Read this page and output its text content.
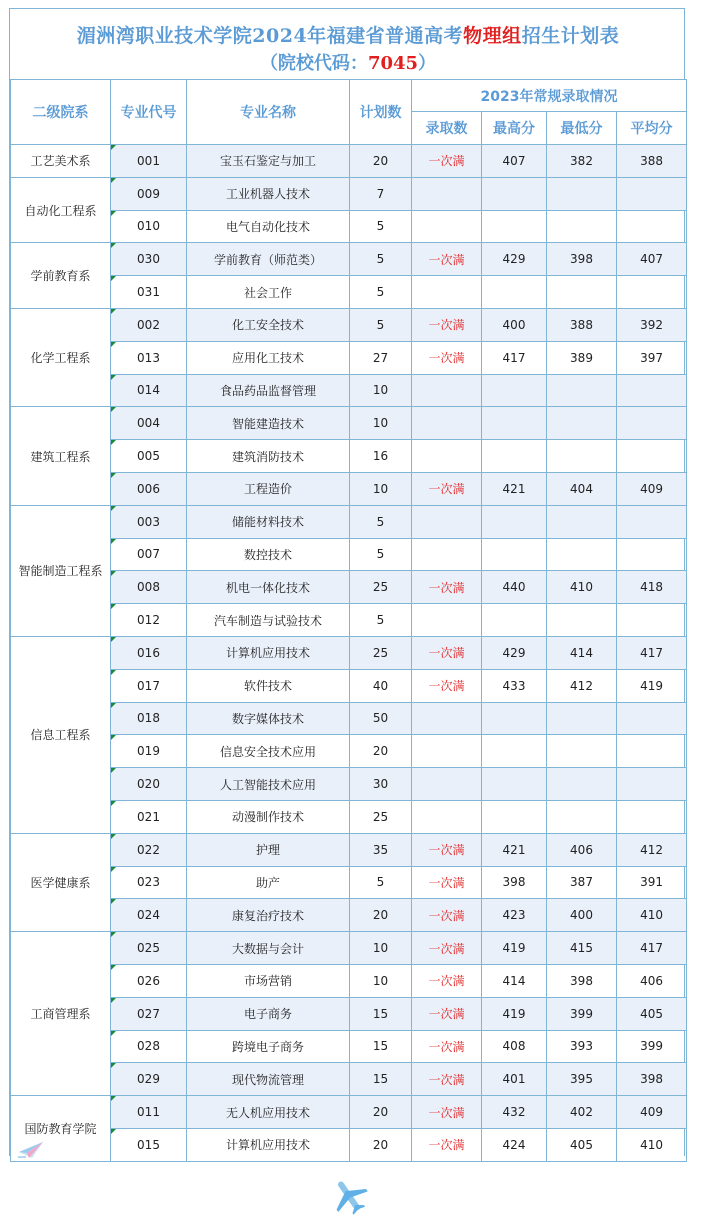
湄洲湾职业技术学院2024年福建省普通高考物理组招生计划表
（院校代码：7045）
二级院系	专业代号	专业名称	计划数	2023年常规录取情况			
				录取数	最高分	最低分	平均分
工艺美术系	001	宝玉石鉴定与加工	20	一次满	407	382	388
自动化工程系	009	工业机器人技术	7				
	010	电气自动化技术	5				
学前教育系	030	学前教育（师范类）	5	一次满	429	398	407
	031	社会工作	5				
化学工程系	002	化工安全技术	5	一次满	400	388	392
	013	应用化工技术	27	一次满	417	389	397
	014	食品药品监督管理	10				
建筑工程系	004	智能建造技术	10				
	005	建筑消防技术	16				
	006	工程造价	10	一次满	421	404	409
智能制造工程系	003	储能材料技术	5				
	007	数控技术	5				
	008	机电一体化技术	25	一次满	440	410	418
	012	汽车制造与试验技术	5				
信息工程系	016	计算机应用技术	25	一次满	429	414	417
	017	软件技术	40	一次满	433	412	419
	018	数字媒体技术	50				
	019	信息安全技术应用	20				
	020	人工智能技术应用	30				
	021	动漫制作技术	25				
医学健康系	022	护理	35	一次满	421	406	412
	023	助产	5	一次满	398	387	391
	024	康复治疗技术	20	一次满	423	400	410
工商管理系	025	大数据与会计	10	一次满	419	415	417
	026	市场营销	10	一次满	414	398	406
	027	电子商务	15	一次满	419	399	405
	028	跨境电子商务	15	一次满	408	393	399
	029	现代物流管理	15	一次满	401	395	398
国防教育学院	011	无人机应用技术	20	一次满	432	402	409
	015	计算机应用技术	20	一次满	424	405	410
